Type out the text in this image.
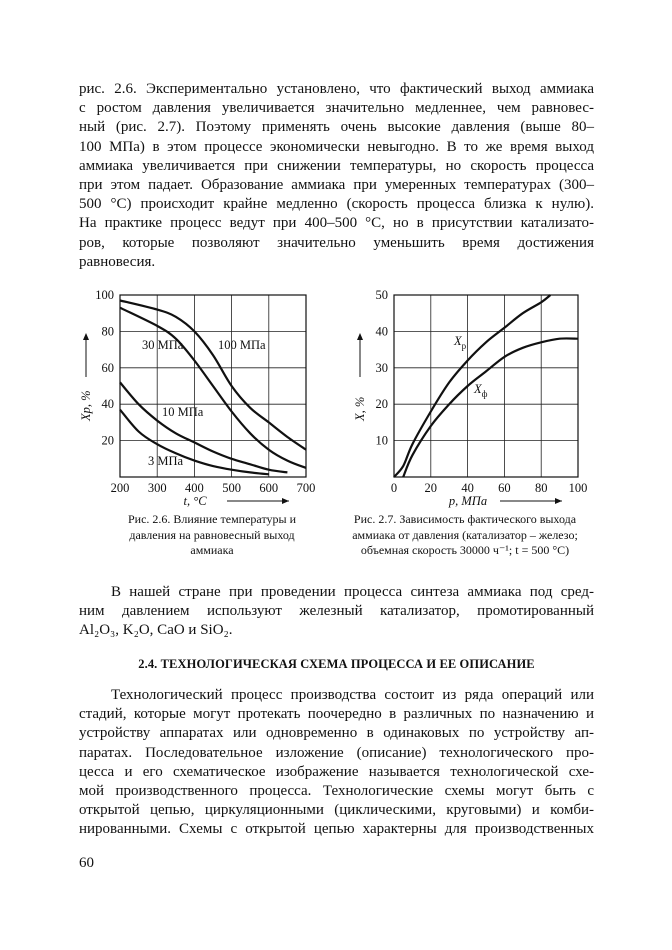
рис. 2.6. Экспериментально установлено, что фактический выход аммиака
с ростом давления увеличивается значительно медленнее, чем равновес-
ный (рис. 2.7). Поэтому применять очень высокие давления (выше 80–
100 МПа) в этом процессе экономически невыгодно. В то же время выход
аммиака увеличивается при снижении температуры, но скорость процесса
при этом падает. Образование аммиака при умеренных температурах (300–
500 °С) происходит крайне медленно (скорость процесса близка к нулю).
На практике процесс ведут при 400–500 °С, но в присутствии катализато-
ров, которые позволяют значительно уменьшить время достижения
равновесия.
200 300 400 500 600 700
20
40
60
80
100
t, °C
Xp, %
100 МПа
30 МПа
10 МПа
3 МПа
Рис. 2.6. Влияние температуры и
давления на равновесный выход
аммиака
0 20 40 60 80 100
10
20
30
40
50
p, МПа
X, %
$X_p$
$X_ф$
Рис. 2.7. Зависимость фактического выхода
аммиака от давления (катализатор – железо;
объемная скорость 30000 ч⁻¹; t = 500 °С)
В нашей стране при проведении процесса синтеза аммиака под сред-
ним давлением используют железный катализатор, промотированный
Al₂O₃, K₂O, CaO и SiO₂.

2.4. ТЕХНОЛОГИЧЕСКАЯ СХЕМА ПРОЦЕССА И ЕЕ ОПИСАНИЕ

Технологический процесс производства состоит из ряда операций или
стадий, которые могут протекать поочередно в различных по назначению и
устройству аппаратах или одновременно в одинаковых по устройству ап-
паратах. Последовательное изложение (описание) технологического про-
цесса и его схематическое изображение называется технологической схе-
мой производственного процесса. Технологические схемы могут быть с
открытой цепью, циркуляционными (циклическими, круговыми) и комби-
нированными. Схемы с открытой цепью характерны для производственных

60
